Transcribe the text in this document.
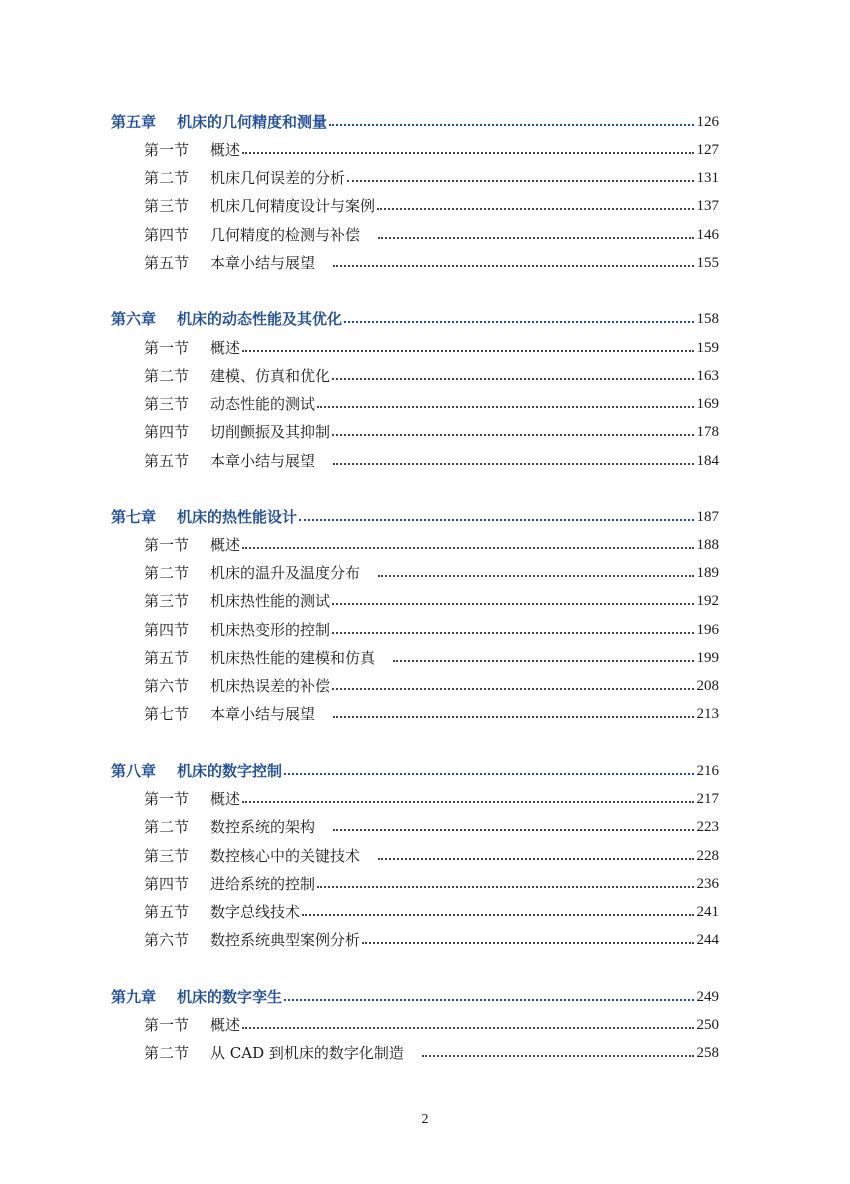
第五章	机床的几何精度和测量	126
第一节	概述	127
第二节	机床几何误差的分析	131
第三节	机床几何精度设计与案例	137
第四节	几何精度的检测与补偿	146
第五节	本章小结与展望	155
第六章	机床的动态性能及其优化	158
第一节	概述	159
第二节	建模、仿真和优化	163
第三节	动态性能的测试	169
第四节	切削颤振及其抑制	178
第五节	本章小结与展望	184
第七章	机床的热性能设计	187
第一节	概述	188
第二节	机床的温升及温度分布	189
第三节	机床热性能的测试	192
第四节	机床热变形的控制	196
第五节	机床热性能的建模和仿真	199
第六节	机床热误差的补偿	208
第七节	本章小结与展望	213
第八章	机床的数字控制	216
第一节	概述	217
第二节	数控系统的架构	223
第三节	数控核心中的关键技术	228
第四节	进给系统的控制	236
第五节	数字总线技术	241
第六节	数控系统典型案例分析	244
第九章	机床的数字孪生	249
第一节	概述	250
第二节	从 CAD 到机床的数字化制造	258
2
